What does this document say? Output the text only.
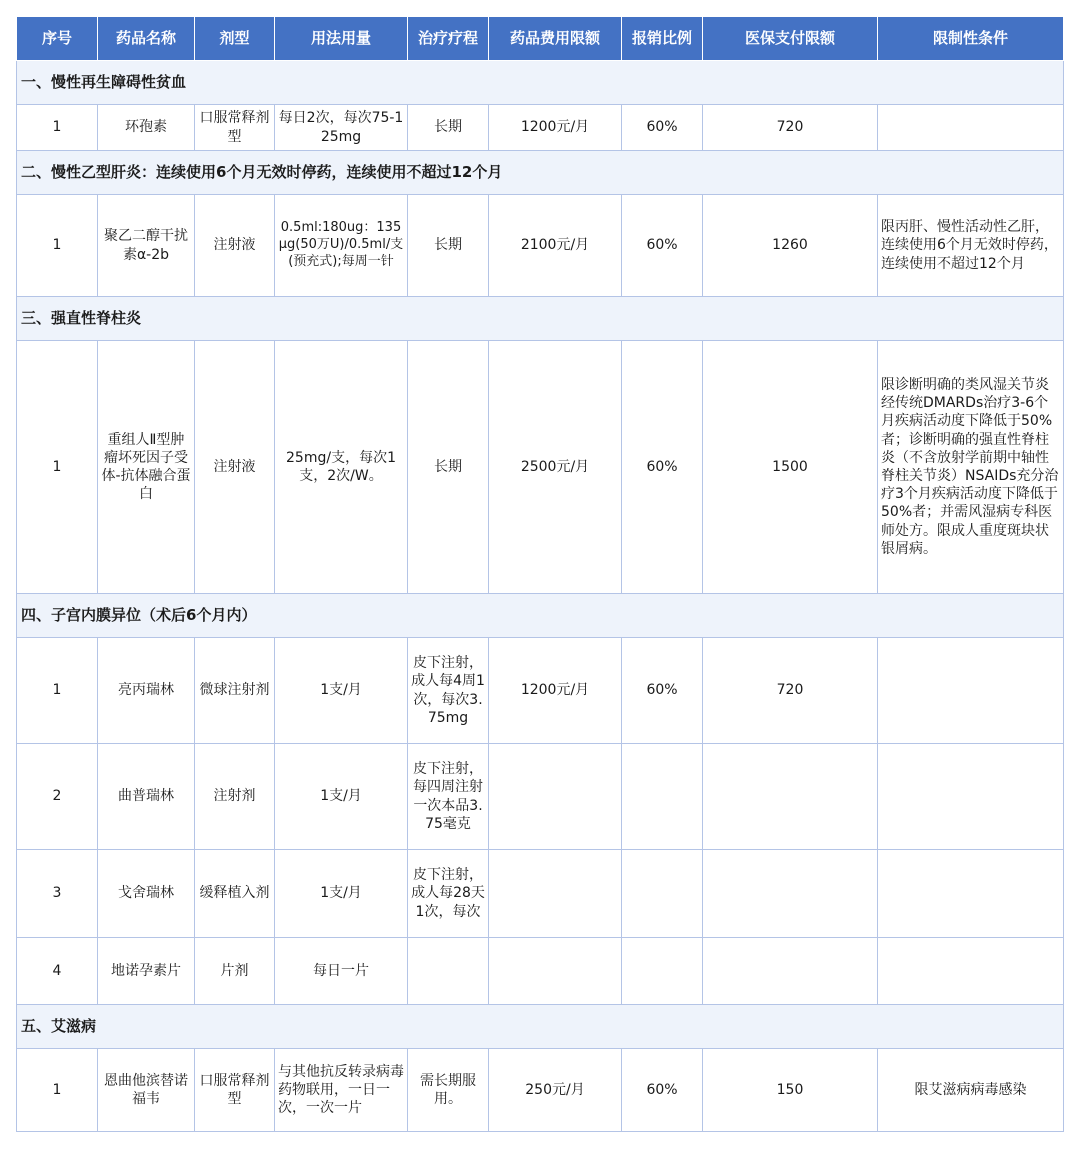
序号	药品名称	剂型	用法用量	治疗疗程	药品费用限额	报销比例	医保支付限额	限制性条件
一、慢性再生障碍性贫血								
1	环孢素	口服常释剂型	每日2次，每次75-125mg	长期	1200元/月	60%	720	
二、慢性乙型肝炎：连续使用6个月无效时停药，连续使用不超过12个月								
1	聚乙二醇干扰素α-2b	注射液	0.5ml:180ug：135μg(50万U)/0.5ml/支(预充式);每周一针	长期	2100元/月	60%	1260	限丙肝、慢性活动性乙肝，连续使用6个月无效时停药，连续使用不超过12个月
三、强直性脊柱炎								
1	重组人Ⅱ型肿瘤坏死因子受体-抗体融合蛋白	注射液	25mg/支，每次1支，2次/W。	长期	2500元/月	60%	1500	限诊断明确的类风湿关节炎经传统DMARDs治疗3-6个月疾病活动度下降低于50%者；诊断明确的强直性脊柱炎（不含放射学前期中轴性脊柱关节炎）NSAIDs充分治疗3个月疾病活动度下降低于50%者；并需风湿病专科医师处方。限成人重度斑块状银屑病。
四、子宫内膜异位（术后6个月内）								
1	亮丙瑞林	微球注射剂	1支/月	皮下注射，成人每4周1次，每次3.75mg	1200元/月	60%	720	
2	曲普瑞林	注射剂	1支/月	皮下注射，每四周注射一次本品3.75毫克				
3	戈舍瑞林	缓释植入剂	1支/月	皮下注射，成人每28天1次，每次				
4	地诺孕素片	片剂	每日一片					
五、艾滋病								
1	恩曲他滨替诺福韦	口服常释剂型	与其他抗反转录病毒药物联用，一日一次，一次一片	需长期服用。	250元/月	60%	150	限艾滋病病毒感染
